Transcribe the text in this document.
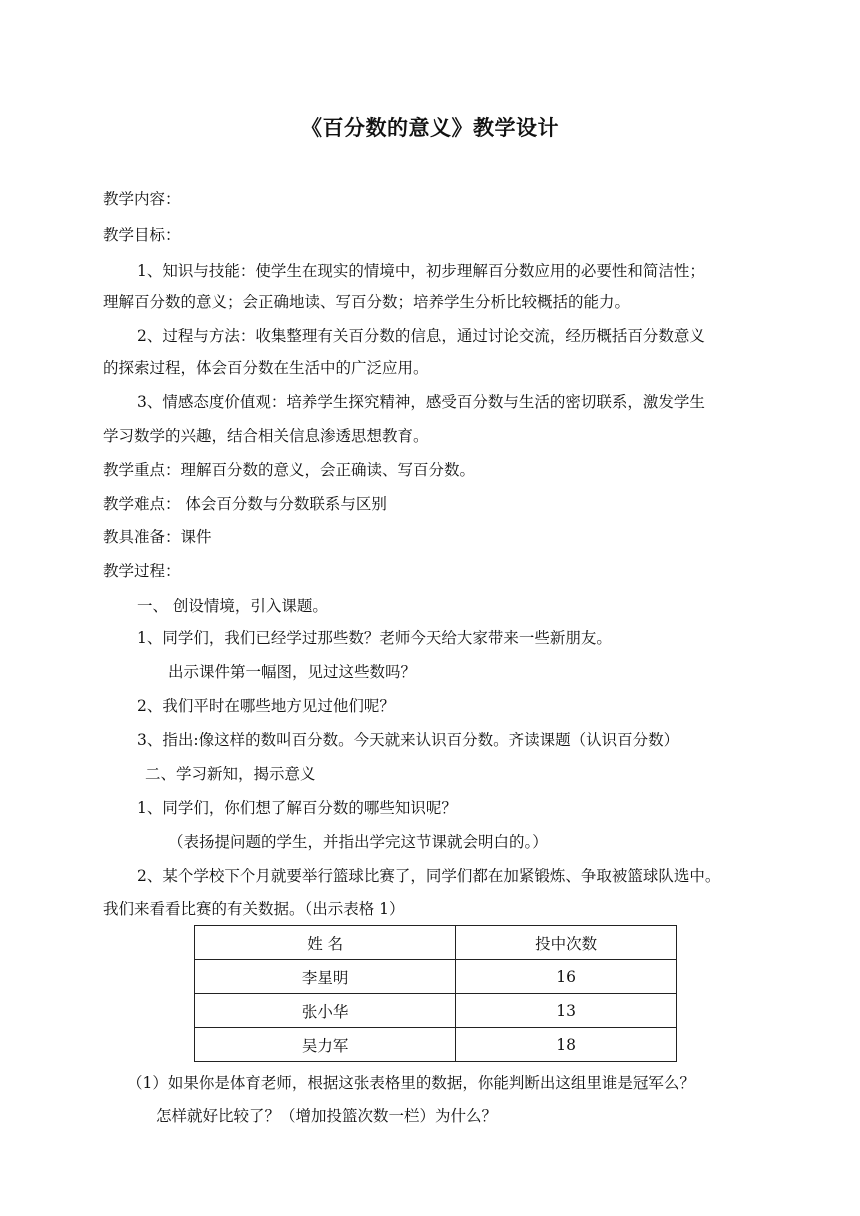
《百分数的意义》教学设计
教学内容：
教学目标：
1、知识与技能：使学生在现实的情境中，初步理解百分数应用的必要性和简洁性；
理解百分数的意义；会正确地读、写百分数；培养学生分析比较概括的能力。
2、过程与方法：收集整理有关百分数的信息，通过讨论交流，经历概括百分数意义
的探索过程，体会百分数在生活中的广泛应用。
3、情感态度价值观：培养学生探究精神，感受百分数与生活的密切联系，激发学生
学习数学的兴趣，结合相关信息渗透思想教育。
教学重点：理解百分数的意义，会正确读、写百分数。
教学难点： 体会百分数与分数联系与区别
教具准备：课件
教学过程：
一、 创设情境，引入课题。
1、同学们，我们已经学过那些数？老师今天给大家带来一些新朋友。
出示课件第一幅图，见过这些数吗？
2、我们平时在哪些地方见过他们呢？
3、指出:像这样的数叫百分数。今天就来认识百分数。齐读课题（认识百分数）
二、学习新知，揭示意义
1、同学们，你们想了解百分数的哪些知识呢？
（表扬提问题的学生，并指出学完这节课就会明白的。）
2、某个学校下个月就要举行篮球比赛了，同学们都在加紧锻炼、争取被篮球队选中。
我们来看看比赛的有关数据。（出示表格 1）
姓 名	投中次数
李星明	16
张小华	13
吴力军	18
（1）如果你是体育老师，根据这张表格里的数据，你能判断出这组里谁是冠军么？
怎样就好比较了？（增加投篮次数一栏）为什么？
